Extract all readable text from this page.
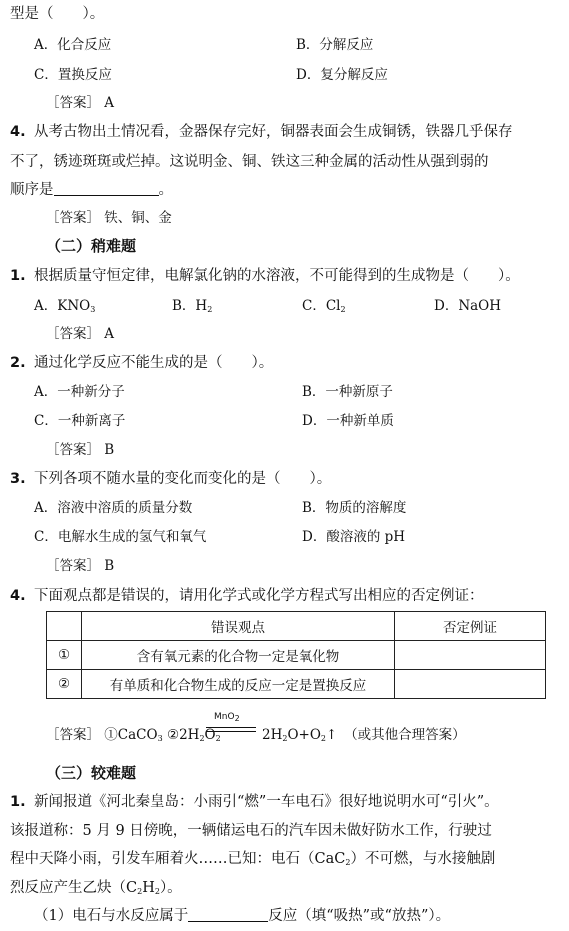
型是（　　）。
A．化合反应	B．分解反应
C．置换反应	D．复分解反应
［答案］ A
4. 从考古物出土情况看，金器保存完好，铜器表面会生成铜锈，铁器几乎保存
不了，锈迹斑斑或烂掉。这说明金、铜、铁这三种金属的活动性从强到弱的
顺序是	。
［答案］ 铁、铜、金
（二）稍难题
1. 根据质量守恒定律，电解氯化钠的水溶液，不可能得到的生成物是（　　）。
A．$KNO_3$	B．$H_2$	C．$Cl_2$	D．NaOH
［答案］ A
2. 通过化学反应不能生成的是（　　）。
A．一种新分子	B．一种新原子
C．一种新离子	D．一种新单质
［答案］ B
3. 下列各项不随水量的变化而变化的是（　　）。
A．溶液中溶质的质量分数	B．物质的溶解度
C．电解水生成的氢气和氧气	D．酸溶液的 pH
［答案］ B
4. 下面观点都是错误的，请用化学式或化学方程式写出相应的否定例证：
	错误观点	否定例证
①	含有氧元素的化合物一定是氧化物	
②	有单质和化合物生成的反应一定是置换反应	
MnO$_2$
［答案］ ①CaCO$_3$ $②2H_2O_2$	$2H_2O+O_2↑$　（或其他合理答案）
（三）较难题
1. 新闻报道《河北秦皇岛：小雨引“燃”一车电石》很好地说明水可“引火”。
该报道称：5 月 9 日傍晚，一辆储运电石的汽车因未做好防水工作，行驶过
程中天降小雨，引发车厢着火……已知：电石（CaC$_2$）不可燃，与水接触剧
烈反应产生乙炔$(C_2H_2)$。
（1）电石与水反应属于	反应（填“吸热”或“放热”）。
